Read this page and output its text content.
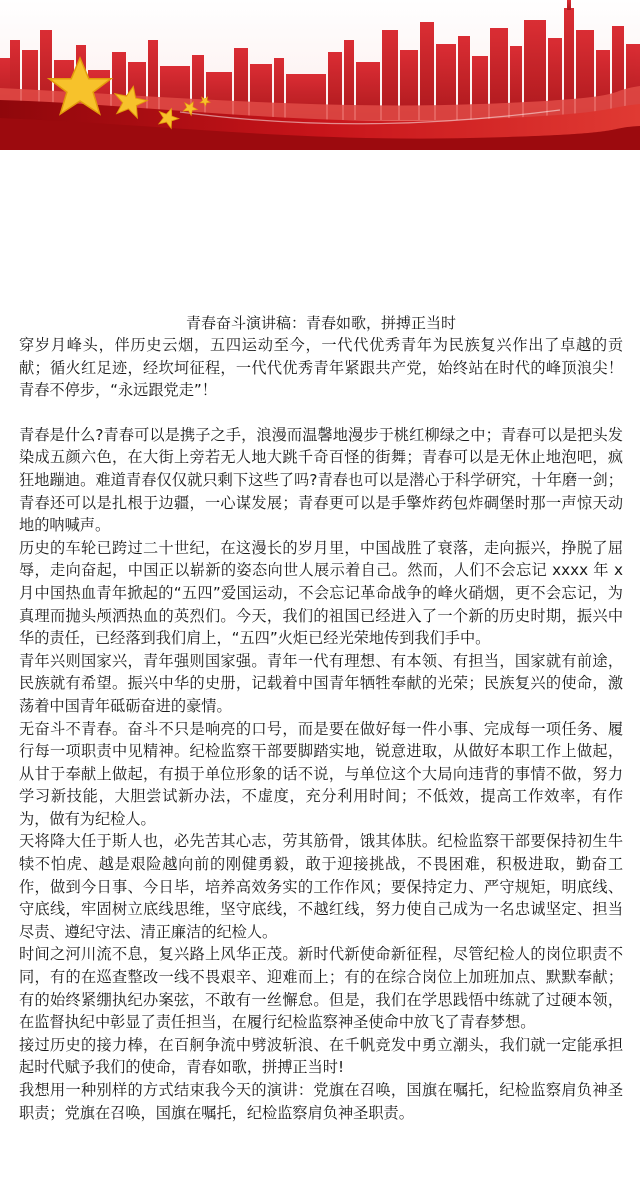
青春奋斗演讲稿：青春如歌，拼搏正当时

穿岁月峰头，伴历史云烟，五四运动至今，一代代优秀青年为民族复兴作出了卓越的贡献；循火红足迹，经坎坷征程，一代代优秀青年紧跟共产党，始终站在时代的峰顶浪尖！青春不停步，“永远跟党走”！

青春是什么?青春可以是携子之手，浪漫而温馨地漫步于桃红柳绿之中；青春可以是把头发染成五颜六色，在大街上旁若无人地大跳千奇百怪的街舞；青春可以是无休止地泡吧，疯狂地蹦迪。难道青春仅仅就只剩下这些了吗?青春也可以是潜心于科学研究，十年磨一剑；青春还可以是扎根于边疆，一心谋发展；青春更可以是手擎炸药包炸碉堡时那一声惊天动地的呐喊声。

历史的车轮已跨过二十世纪，在这漫长的岁月里，中国战胜了衰落，走向振兴，挣脱了屈辱，走向奋起，中国正以崭新的姿态向世人展示着自己。然而，人们不会忘记 xxxx 年 x 月中国热血青年掀起的“五四”爱国运动，不会忘记革命战争的峰火硝烟，更不会忘记，为真理而抛头颅洒热血的英烈们。今天，我们的祖国已经进入了一个新的历史时期，振兴中华的责任，已经落到我们肩上，“五四”火炬已经光荣地传到我们手中。

青年兴则国家兴，青年强则国家强。青年一代有理想、有本领、有担当，国家就有前途，民族就有希望。振兴中华的史册，记载着中国青年牺牲奉献的光荣；民族复兴的使命，激荡着中国青年砥砺奋进的豪情。

无奋斗不青春。奋斗不只是响亮的口号，而是要在做好每一件小事、完成每一项任务、履行每一项职责中见精神。纪检监察干部要脚踏实地，锐意进取，从做好本职工作上做起，从甘于奉献上做起，有损于单位形象的话不说，与单位这个大局向违背的事情不做，努力学习新技能，大胆尝试新办法，不虚度，充分利用时间；不低效，提高工作效率，有作为，做有为纪检人。

天将降大任于斯人也，必先苦其心志，劳其筋骨，饿其体肤。纪检监察干部要保持初生牛犊不怕虎、越是艰险越向前的刚健勇毅，敢于迎接挑战，不畏困难，积极进取，勤奋工作，做到今日事、今日毕，培养高效务实的工作作风；要保持定力、严守规矩，明底线、守底线，牢固树立底线思维，坚守底线，不越红线，努力使自己成为一名忠诚坚定、担当尽责、遵纪守法、清正廉洁的纪检人。

时间之河川流不息，复兴路上风华正茂。新时代新使命新征程，尽管纪检人的岗位职责不同，有的在巡查整改一线不畏艰辛、迎难而上；有的在综合岗位上加班加点、默默奉献；有的始终紧绷执纪办案弦，不敢有一丝懈怠。但是，我们在学思践悟中练就了过硬本领，在监督执纪中彰显了责任担当，在履行纪检监察神圣使命中放飞了青春梦想。

接过历史的接力棒，在百舸争流中劈波斩浪、在千帆竞发中勇立潮头，我们就一定能承担起时代赋予我们的使命，青春如歌，拼搏正当时!

我想用一种别样的方式结束我今天的演讲：党旗在召唤，国旗在嘱托，纪检监察肩负神圣职责；党旗在召唤，国旗在嘱托，纪检监察肩负神圣职责。
